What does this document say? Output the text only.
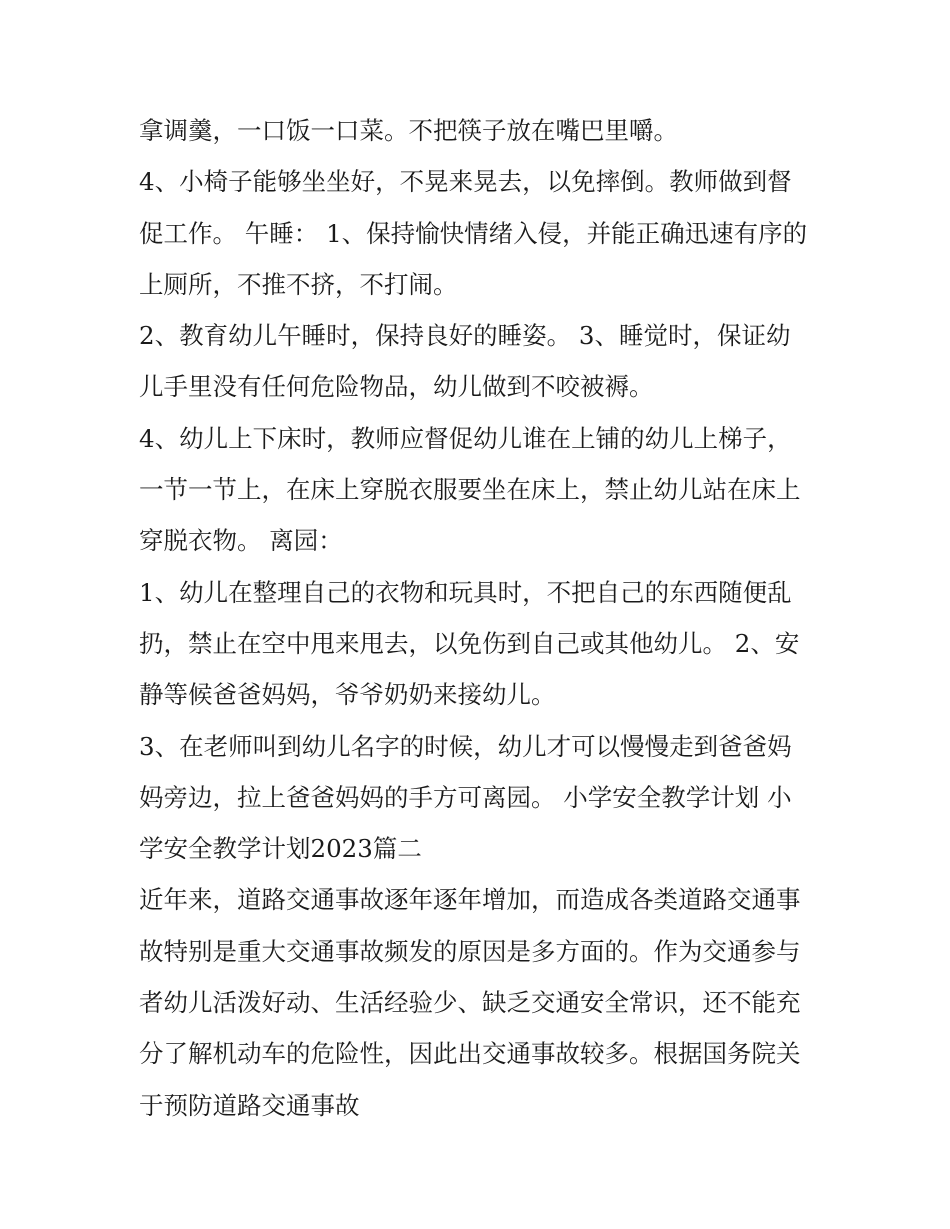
拿调羹，一口饭一口菜。不把筷子放在嘴巴里嚼。
4、小椅子能够坐坐好，不晃来晃去，以免摔倒。教师做到督
促工作。 午睡： 1、保持愉快情绪入侵，并能正确迅速有序的
上厕所，不推不挤，不打闹。
2、教育幼儿午睡时，保持良好的睡姿。 3、睡觉时，保证幼
儿手里没有任何危险物品，幼儿做到不咬被褥。
4、幼儿上下床时，教师应督促幼儿谁在上铺的幼儿上梯子，
一节一节上，在床上穿脱衣服要坐在床上，禁止幼儿站在床上
穿脱衣物。 离园：
1、幼儿在整理自己的衣物和玩具时，不把自己的东西随便乱
扔，禁止在空中甩来甩去，以免伤到自己或其他幼儿。 2、安
静等候爸爸妈妈，爷爷奶奶来接幼儿。
3、在老师叫到幼儿名字的时候，幼儿才可以慢慢走到爸爸妈
妈旁边，拉上爸爸妈妈的手方可离园。 小学安全教学计划 小
学安全教学计划2023篇二
近年来，道路交通事故逐年逐年增加，而造成各类道路交通事
故特别是重大交通事故频发的原因是多方面的。作为交通参与
者幼儿活泼好动、生活经验少、缺乏交通安全常识，还不能充
分了解机动车的危险性，因此出交通事故较多。根据国务院关
于预防道路交通事故
